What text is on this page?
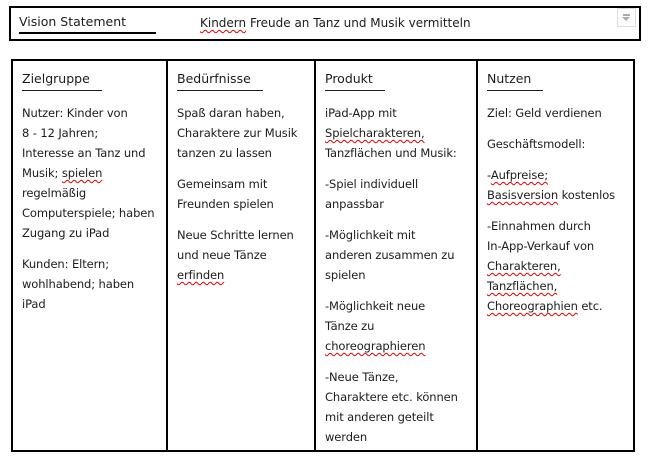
Vision Statement	Kindern Freude an Tanz und Musik vermitteln
Zielgruppe
Nutzer: Kinder von
8 - 12 Jahren;
Interesse an Tanz und
Musik; spielen
regelmäßig
Computerspiele; haben
Zugang zu iPad
Kunden: Eltern;
wohlhabend; haben
iPad
Bedürfnisse
Spaß daran haben,
Charaktere zur Musik
tanzen zu lassen
Gemeinsam mit
Freunden spielen
Neue Schritte lernen
und neue Tänze
erfinden
Produkt
iPad-App mit
Spielcharakteren,
Tanzflächen und Musik:
-Spiel individuell
anpassbar
-Möglichkeit mit
anderen zusammen zu
spielen
-Möglichkeit neue
Tänze zu
choreographieren
-Neue Tänze,
Charaktere etc. können
mit anderen geteilt
werden
Nutzen
Ziel: Geld verdienen
Geschäftsmodell:
-Aufpreise;
Basisversion kostenlos
-Einnahmen durch
In-App-Verkauf von
Charakteren,
Tanzflächen,
Choreographien etc.
